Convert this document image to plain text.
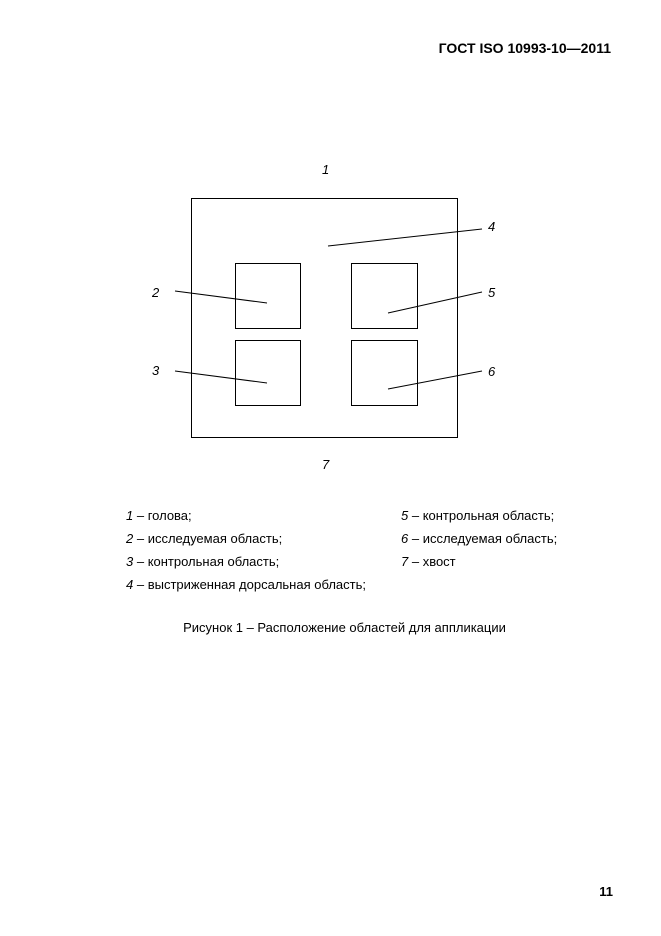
ГОСТ ISO 10993-10—2011
1
4
2	5
3	6
7
1 – голова;
2 – исследуемая область;
3 – контрольная область;
4 – выстриженная дорсальная область;
5 – контрольная область;
6 – исследуемая область;
7 – хвост
Рисунок 1 – Расположение областей для аппликации
11
